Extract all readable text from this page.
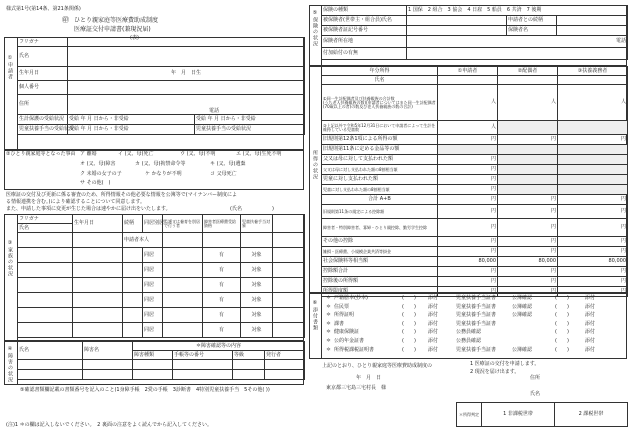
様式第1号(第14条、第21条関係)
㊞ ひとり親家庭等医療費助成制度
医療証交付申請書(兼現況届)
(表)
①申請者
フリガナ		
氏名		
生年月日	年　月　日生	
個人番号		
住所	電話	
生計保護の受給状況	受給 年 月 日から・非受給	受給 年 月 日から・非受給
児童扶養手当の受給状況	受給 年 月 日から・非受給	児童扶養手当の受給状況
②ひとり親家庭等となった事由 ア 離婚	イ (父、母)死亡	ウ (父、母)不明	エ (父、母)生死不明
オ (父、母)障害	カ (父、母)拘禁命令等	キ (父、母)遺棄
ク 未婚の女子の子	ケ かなりが不明	コ 父母死亡
サ その他(　)
医療証の交付及び更新に係る審査のため、所得情報その他必要な情報を公簿等で(マイナンバー制度によ
る情報連携を含む。)により確認することについて同意します。
また、申請した事項に変更が生じた場合は速やかに届け出をいたします。	(氏名　　　　　　)
③家族の状況
フリガナ	生年月日	続柄	同居別居	監護又は養育を別居で行う者	障害者医療費受給資格	児童扶養手当対象	
氏名							
		申請者本人					
			同居		有	対象	
			同居		有	対象	
			同居		有	対象	
			同居		有	対象	
			同居		有	対象	
			同居		有	対象	
④障害の状況 氏名	障害名	＊障害確認等の内容			
		障害種類	手帳等の番号	等級	発行者

⑤確認書類欄記載の書類番号を記入のこと(1身障手帳　2愛の手帳　3診断書　4特別児童扶養手当　5その他( ))
(注)1 ＊の欄は記入しないでください。　2 裏面の注意をよく読んでから記入してください。
⑤保険の状況 保険の種類	1 国保　2 組合　3 協会　4 日雇　5 船員　6 共済　7 後期		
被保険者(世帯主・組合員)氏名		申請者との続柄	
被保険者証記号番号		保険者名	
保険者所在地	電話		
付加給付の有無			
所得の状況
年分所得	①申請者	②配偶者	③扶養義務者
氏名			
①同一生計配偶者及び扶養親族の合計数
(うち老人扶養親族の数)(申請者についてはまた同一生計配偶者(70歳以上の者)の数及び老人扶養親族の数の合計)	人	人	人
③上記以外で令和5年12月31日において申請者によって生計を維持している児童数	人		
旧規則第12条1項による所得の額	円	円	円
旧規則第11条に定める金品等の額			
父又は母に対して支払われた額	円		
父又は母に対し支払われた額の8割相当額	円		
児童に対し支払われた額	円		
児童に対し支払われた額の8割相当額	円		
合計 A+B	円	円	円
旧規則第11条の規定による控除額	円	円	円
障害者・特別障害者、寡婦・ひとり親控除、勤労学生控除	円	円	円
その他の控除	円	円	円
雑損・医療費、小規模企業共済等掛金	円	円	円
社会保険料等相当額	80,000	80,000	80,000
控除額合計	円	円	円
控除後の所得額	円	円	円
所得限度額	円	円	円
⑥添付書類
＊ 戸籍謄本(抄本)	(　　) 添付	児童扶養手当証書	公簿確認	(　　)	添付
＊ 住民票	(　　) 添付	児童扶養手当証書	公簿確認	(　　)	添付
＊ 所得証明	(　　) 添付	児童扶養手当証書	公簿確認	(　　)	添付
＊ 課書	(　　) 添付	児童扶養手当証書	(　　)	添付
＊ 健康保険証	(　　) 添付	公務員確認	(　　)	添付
＊ 公的年金証書	(　　) 添付	公務員確認	(　　)	添付
＊ 所得税課税証明書	(　　) 添付	児童扶養手当証書	公簿確認	(　　)	添付
上記のとおり、ひとり親家庭等医療費助成制度の	1 医療証の交付を申請します。
2 現況を届け出ます。
年　月　日	住所
東京都三宅島三宅村長　様
氏名
＊所得判定	1 非課税世帯	2 課税世帯
